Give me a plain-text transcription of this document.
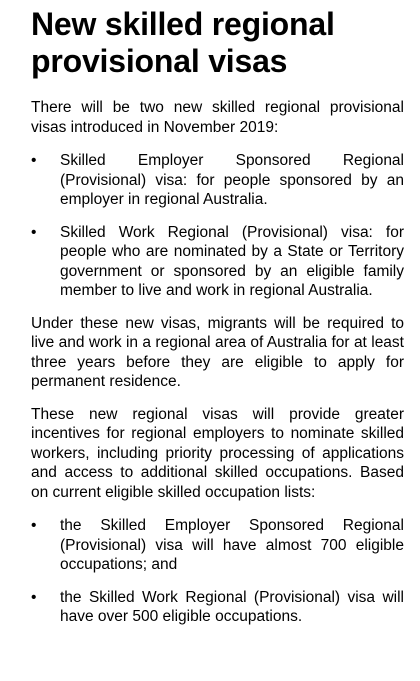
New skilled regional
provisional visas

There will be two new skilled regional provisional visas introduced in November 2019:

• Skilled Employer Sponsored Regional (Provisional) visa: for people sponsored by an employer in regional Australia.
• Skilled Work Regional (Provisional) visa: for people who are nominated by a State or Territory government or sponsored by an eligible family member to live and work in regional Australia.

Under these new visas, migrants will be required to live and work in a regional area of Australia for at least three years before they are eligible to apply for permanent residence.

These new regional visas will provide greater incentives for regional employers to nominate skilled workers, including priority processing of applications and access to additional skilled occupations. Based on current eligible skilled occupation lists:

• the Skilled Employer Sponsored Regional (Provisional) visa will have almost 700 eligible occupations; and
• the Skilled Work Regional (Provisional) visa will have over 500 eligible occupations.
